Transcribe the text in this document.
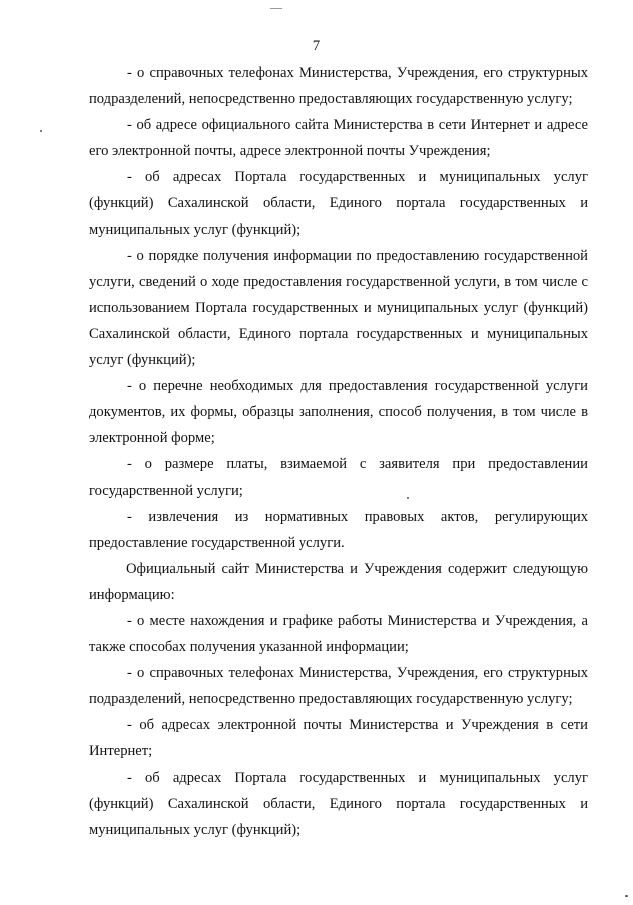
7

- о справочных телефонах Министерства, Учреждения, его структурных подразделений, непосредственно предоставляющих государственную услугу;

- об адресе официального сайта Министерства в сети Интернет и адресе его электронной почты, адресе электронной почты Учреждения;

- об адресах Портала государственных и муниципальных услуг (функций) Сахалинской области, Единого портала государственных и муниципальных услуг (функций);

- о порядке получения информации по предоставлению государственной услуги, сведений о ходе предоставления государственной услуги, в том числе с использованием Портала государственных и муниципальных услуг (функций) Сахалинской области, Единого портала государственных и муниципальных услуг (функций);

- о перечне необходимых для предоставления государственной услуги документов, их формы, образцы заполнения, способ получения, в том числе в электронной форме;

- о размере платы, взимаемой с заявителя при предоставлении государственной услуги;

- извлечения из нормативных правовых актов, регулирующих предоставление государственной услуги.

Официальный сайт Министерства и Учреждения содержит следующую информацию:

- о месте нахождения и графике работы Министерства и Учреждения, а также способах получения указанной информации;

- о справочных телефонах Министерства, Учреждения, его структурных подразделений, непосредственно предоставляющих государственную услугу;

- об адресах электронной почты Министерства и Учреждения в сети Интернет;

- об адресах Портала государственных и муниципальных услуг (функций) Сахалинской области, Единого портала государственных и муниципальных услуг (функций);
